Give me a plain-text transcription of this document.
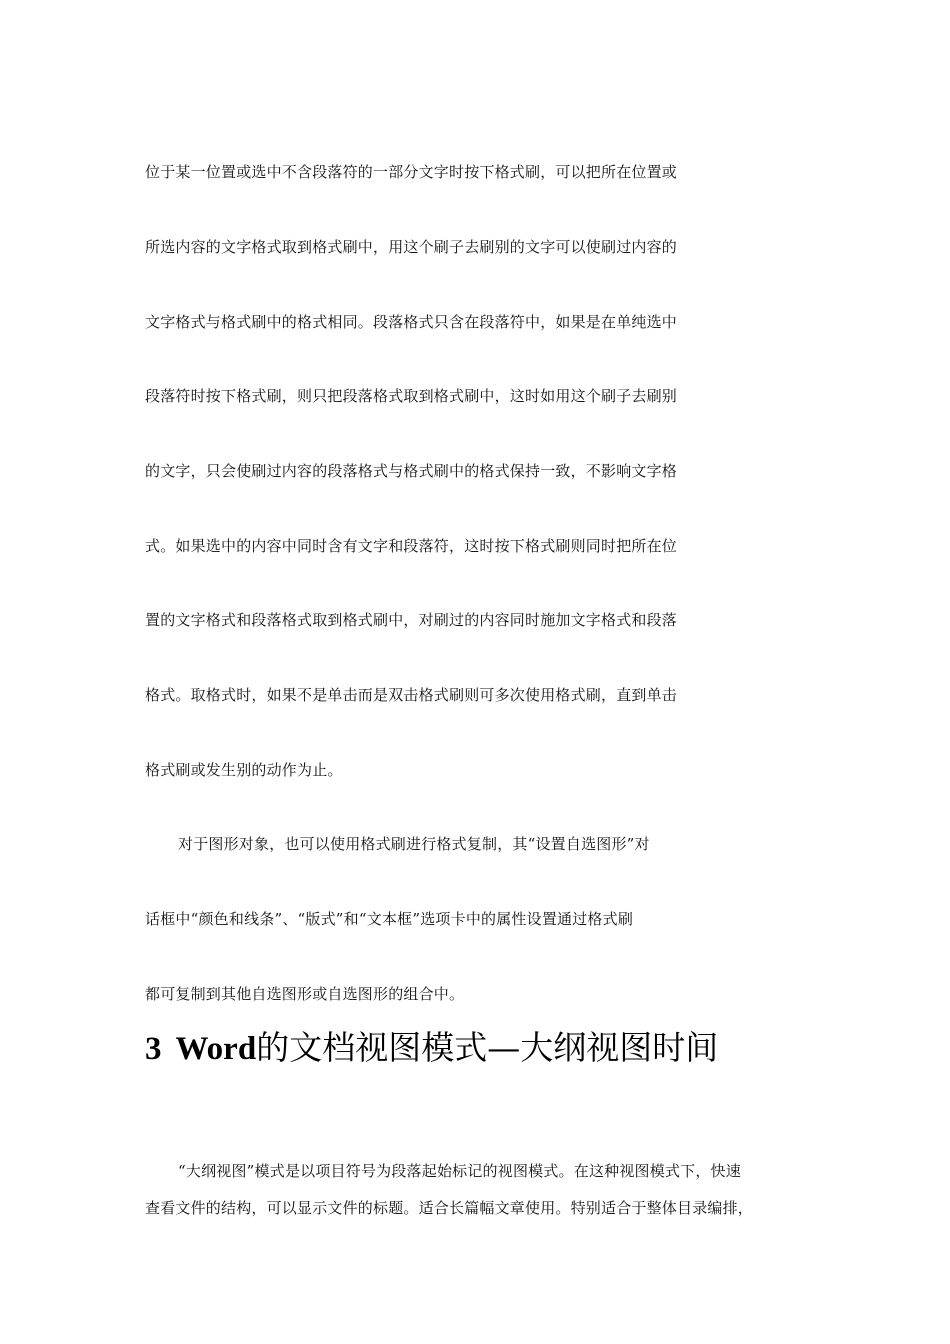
位于某一位置或选中不含段落符的一部分文字时按下格式刷，可以把所在位置或
所选内容的文字格式取到格式刷中，用这个刷子去刷别的文字可以使刷过内容的
文字格式与格式刷中的格式相同。段落格式只含在段落符中，如果是在单纯选中
段落符时按下格式刷，则只把段落格式取到格式刷中，这时如用这个刷子去刷别
的文字，只会使刷过内容的段落格式与格式刷中的格式保持一致，不影响文字格
式。如果选中的内容中同时含有文字和段落符，这时按下格式刷则同时把所在位
置的文字格式和段落格式取到格式刷中，对刷过的内容同时施加文字格式和段落
格式。取格式时，如果不是单击而是双击格式刷则可多次使用格式刷，直到单击
格式刷或发生别的动作为止。
对于图形对象，也可以使用格式刷进行格式复制，其“设置自选图形”对
话框中“颜色和线条”、“版式”和“文本框”选项卡中的属性设置通过格式刷
都可复制到其他自选图形或自选图形的组合中。
3 Word的文档视图模式—大纲视图时间
“大纲视图”模式是以项目符号为段落起始标记的视图模式。在这种视图模式下，快速
查看文件的结构，可以显示文件的标题。适合长篇幅文章使用。特别适合于整体目录编排，
